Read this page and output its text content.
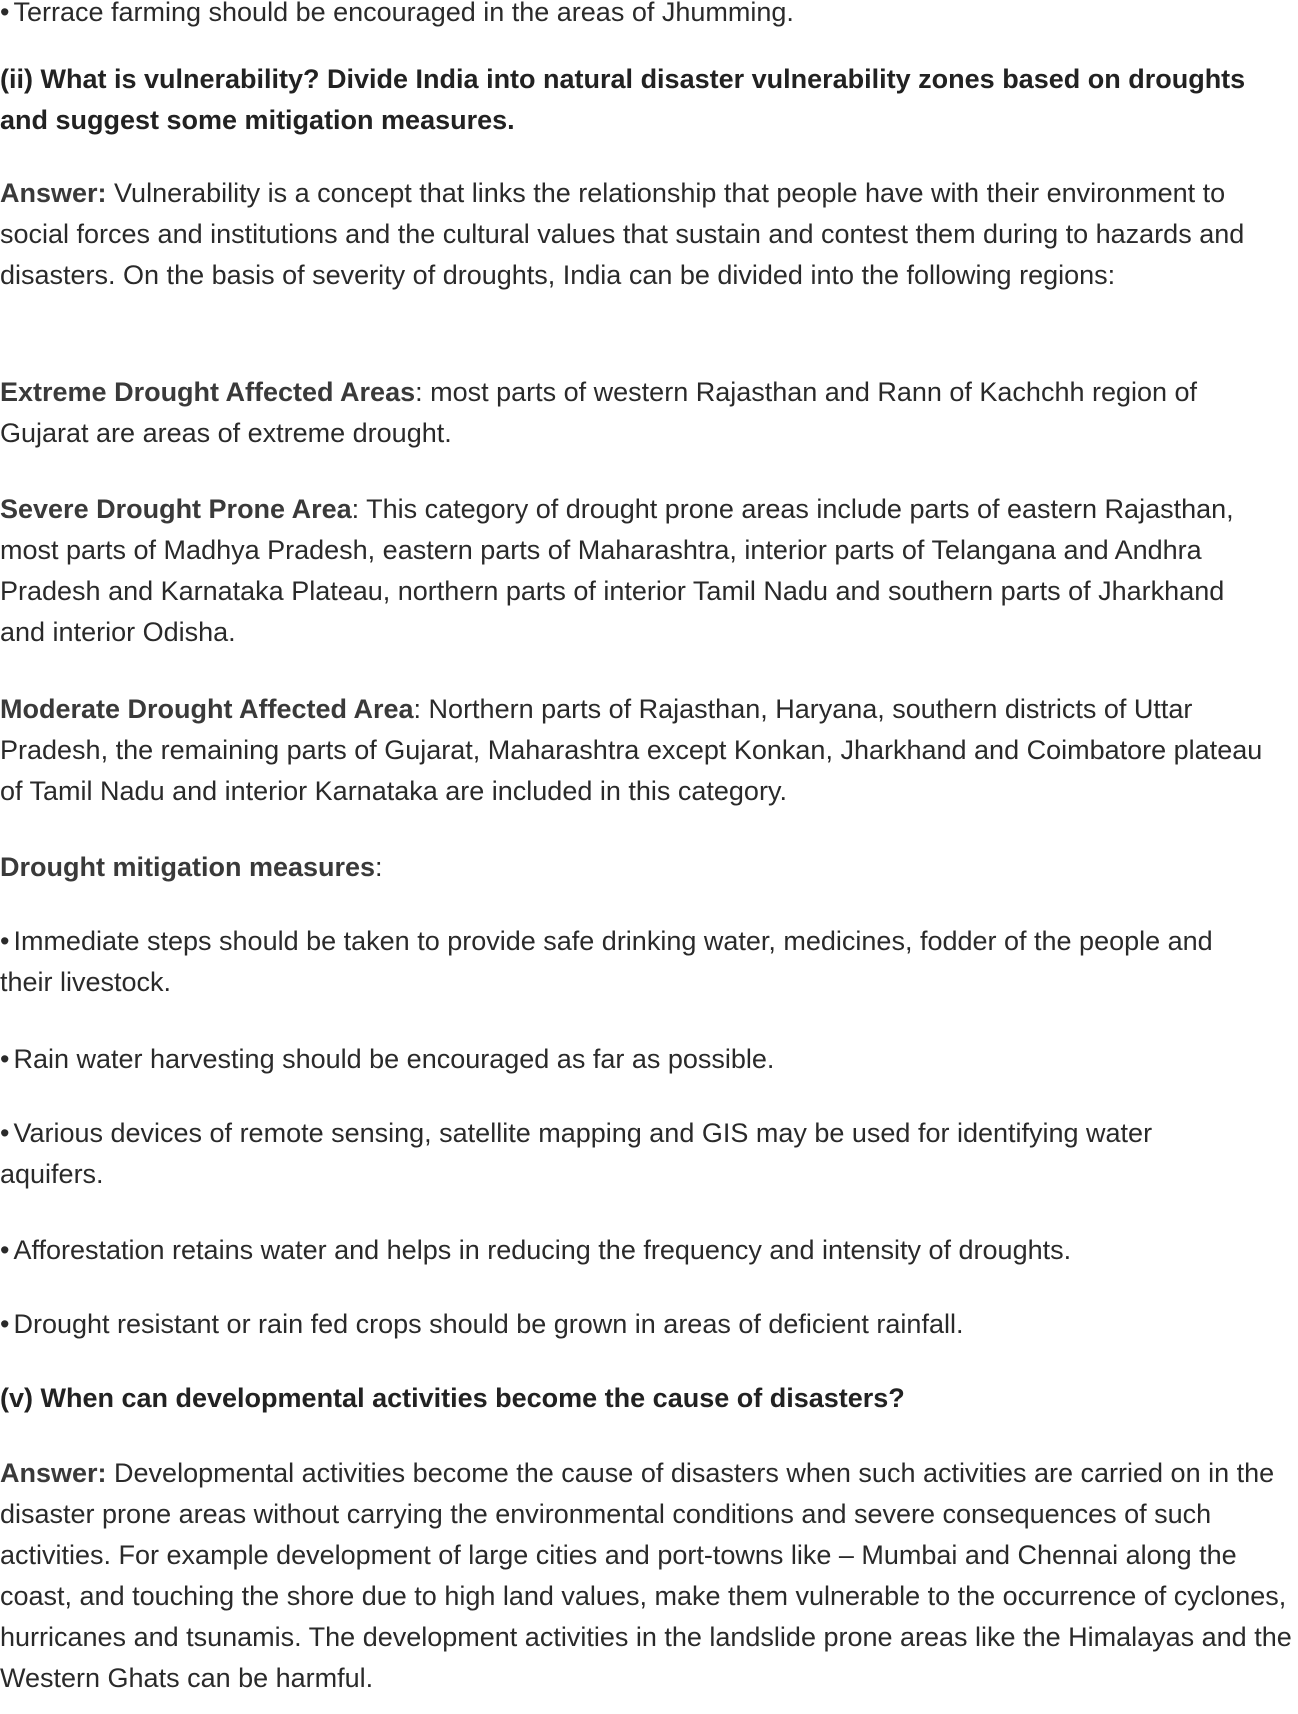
• Terrace farming should be encouraged in the areas of Jhumming.

(ii) What is vulnerability? Divide India into natural disaster vulnerability zones based on droughts and suggest some mitigation measures.

Answer: Vulnerability is a concept that links the relationship that people have with their environment to social forces and institutions and the cultural values that sustain and contest them during to hazards and disasters. On the basis of severity of droughts, India can be divided into the following regions:

Extreme Drought Affected Areas: most parts of western Rajasthan and Rann of Kachchh region of Gujarat are areas of extreme drought.

Severe Drought Prone Area: This category of drought prone areas include parts of eastern Rajasthan, most parts of Madhya Pradesh, eastern parts of Maharashtra, interior parts of Telangana and Andhra Pradesh and Karnataka Plateau, northern parts of interior Tamil Nadu and southern parts of Jharkhand and interior Odisha.

Moderate Drought Affected Area: Northern parts of Rajasthan, Haryana, southern districts of Uttar Pradesh, the remaining parts of Gujarat, Maharashtra except Konkan, Jharkhand and Coimbatore plateau of Tamil Nadu and interior Karnataka are included in this category.

Drought mitigation measures:

• Immediate steps should be taken to provide safe drinking water, medicines, fodder of the people and their livestock.

• Rain water harvesting should be encouraged as far as possible.

• Various devices of remote sensing, satellite mapping and GIS may be used for identifying water aquifers.

• Afforestation retains water and helps in reducing the frequency and intensity of droughts.

• Drought resistant or rain fed crops should be grown in areas of deficient rainfall.

(v) When can developmental activities become the cause of disasters?

Answer: Developmental activities become the cause of disasters when such activities are carried on in the disaster prone areas without carrying the environmental conditions and severe consequences of such activities. For example development of large cities and port-towns like – Mumbai and Chennai along the coast, and touching the shore due to high land values, make them vulnerable to the occurrence of cyclones, hurricanes and tsunamis. The development activities in the landslide prone areas like the Himalayas and the Western Ghats can be harmful.
